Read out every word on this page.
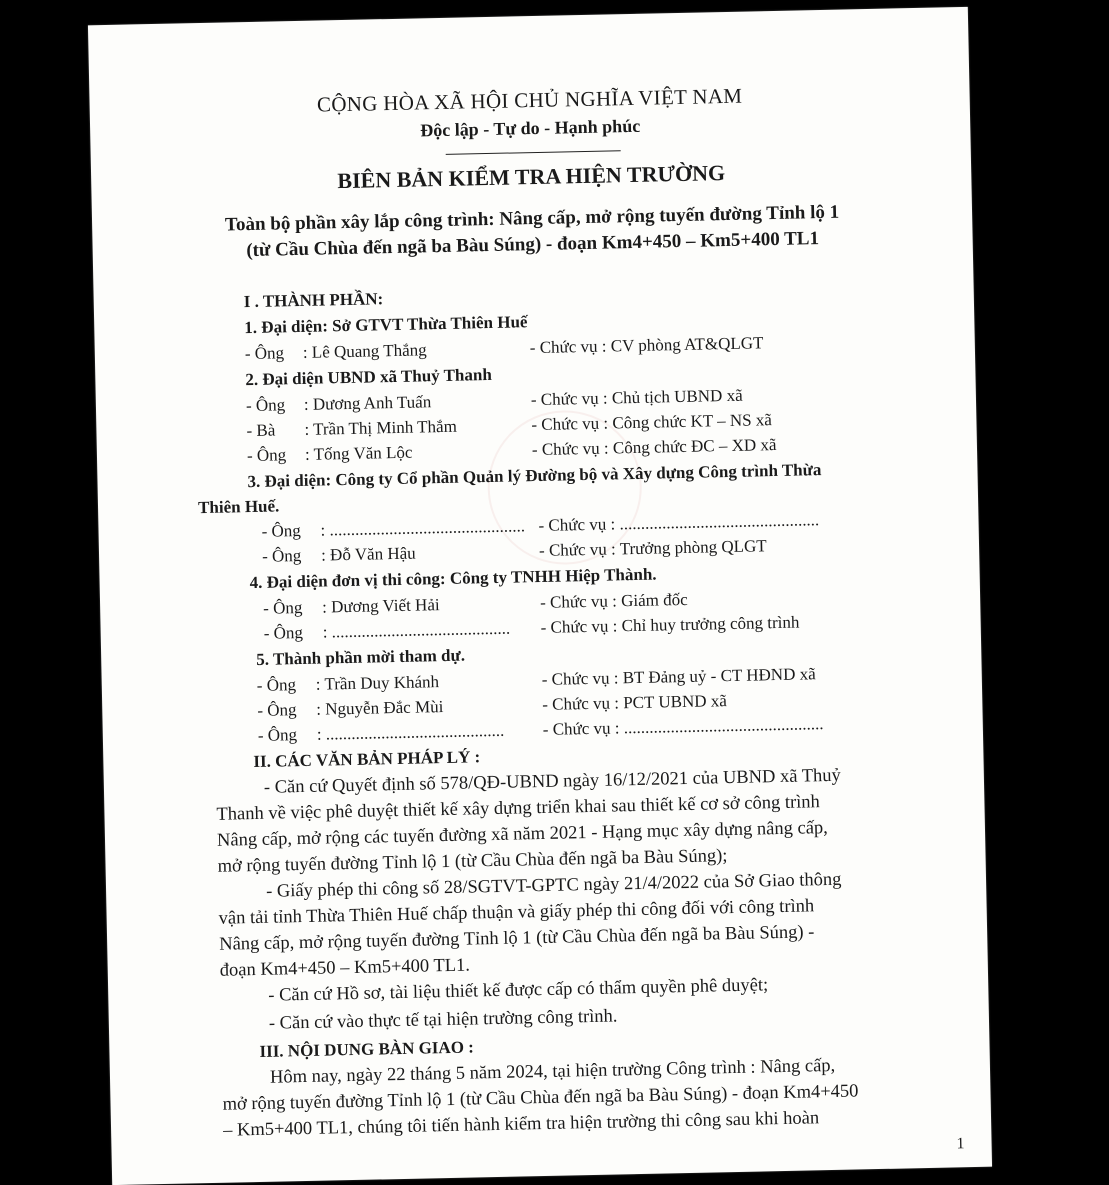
CỘNG HÒA XÃ HỘI CHỦ NGHĨA VIỆT NAM
Độc lập - Tự do - Hạnh phúc
BIÊN BẢN KIỂM TRA HIỆN TRƯỜNG
Toàn bộ phần xây lắp công trình: Nâng cấp, mở rộng tuyến đường Tỉnh lộ 1
(từ Cầu Chùa đến ngã ba Bàu Súng) - đoạn Km4+450 – Km5+400 TL1
I . THÀNH PHẦN:
1. Đại diện: Sở GTVT Thừa Thiên Huế
- Ông : Lê Quang Thắng	- Chức vụ : CV phòng AT&QLGT
2. Đại diện UBND xã Thuỷ Thanh
- Ông : Dương Anh Tuấn	- Chức vụ : Chủ tịch UBND xã
- Bà : Trần Thị Minh Thắm	- Chức vụ : Công chức KT – NS xã
- Ông : Tống Văn Lộc	- Chức vụ : Công chức ĐC – XD xã
3. Đại diện: Công ty Cổ phần Quản lý Đường bộ và Xây dựng Công trình Thừa
Thiên Huế.
- Ông : .............................................. - Chức vụ : ...............................................
- Ông : Đỗ Văn Hậu	- Chức vụ : Trưởng phòng QLGT
4. Đại diện đơn vị thi công: Công ty TNHH Hiệp Thành.
- Ông : Dương Viết Hải	- Chức vụ : Giám đốc
- Ông : .......................................... - Chức vụ : Chỉ huy trưởng công trình
5. Thành phần mời tham dự.
- Ông : Trần Duy Khánh	- Chức vụ : BT Đảng uỷ - CT HĐND xã
- Ông : Nguyễn Đắc Mùi	- Chức vụ : PCT UBND xã
- Ông : .......................................... - Chức vụ : ...............................................
II. CÁC VĂN BẢN PHÁP LÝ :
- Căn cứ Quyết định số 578/QĐ-UBND ngày 16/12/2021 của UBND xã Thuỷ
Thanh về việc phê duyệt thiết kế xây dựng triển khai sau thiết kế cơ sở công trình
Nâng cấp, mở rộng các tuyến đường xã năm 2021 - Hạng mục xây dựng nâng cấp,
mở rộng tuyến đường Tỉnh lộ 1 (từ Cầu Chùa đến ngã ba Bàu Súng);
- Giấy phép thi công số 28/SGTVT-GPTC ngày 21/4/2022 của Sở Giao thông
vận tải tỉnh Thừa Thiên Huế chấp thuận và giấy phép thi công đối với công trình
Nâng cấp, mở rộng tuyến đường Tỉnh lộ 1 (từ Cầu Chùa đến ngã ba Bàu Súng) -
đoạn Km4+450 – Km5+400 TL1.
- Căn cứ Hồ sơ, tài liệu thiết kế được cấp có thẩm quyền phê duyệt;
- Căn cứ vào thực tế tại hiện trường công trình.
III. NỘI DUNG BÀN GIAO :
Hôm nay, ngày 22 tháng 5 năm 2024, tại hiện trường Công trình : Nâng cấp,
mở rộng tuyến đường Tỉnh lộ 1 (từ Cầu Chùa đến ngã ba Bàu Súng) - đoạn Km4+450
– Km5+400 TL1, chúng tôi tiến hành kiểm tra hiện trường thi công sau khi hoàn
1
